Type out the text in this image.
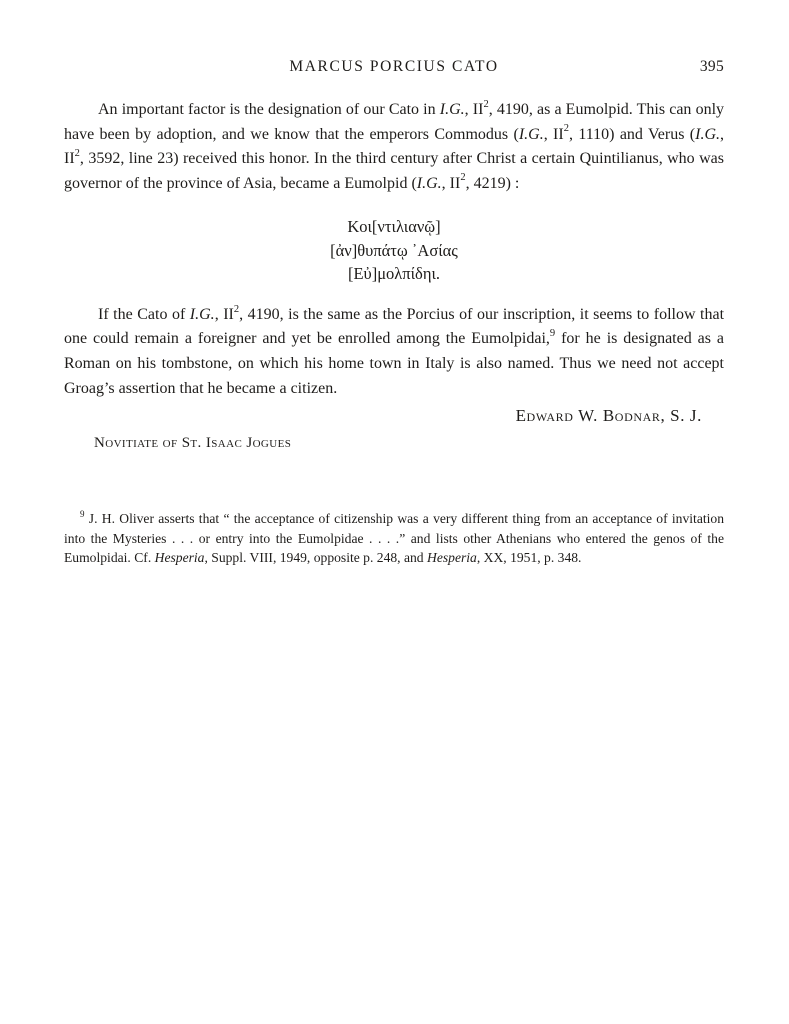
MARCUS PORCIUS CATO	395

An important factor is the designation of our Cato in I.G., $II^2$, 4190, as a Eumolpid. This can only have been by adoption, and we know that the emperors Commodus (I.G., $II^2$, 1110) and Verus (I.G., $II^2$, 3592, line 23) received this honor. In the third century after Christ a certain Quintilianus, who was governor of the province of Asia, became a Eumolpid (I.G., $II^2$, 4219) :

Κοι[ντιλιανῷ]
[ἀν]θυπάτῳ ᾿Ασίας
[Εὐ]μολπίδηι.

If the Cato of I.G., $II^2$, 4190, is the same as the Porcius of our inscription, it seems to follow that one could remain a foreigner and yet be enrolled among the Eumolpidai,$^9$ for he is designated as a Roman on his tombstone, on which his home town in Italy is also named. Thus we need not accept Groag’s assertion that he became a citizen.

Edward W. Bodnar, S. J.
Novitiate of St. Isaac Jogues

$^9$ J. H. Oliver asserts that “ the acceptance of citizenship was a very different thing from an acceptance of invitation into the Mysteries . . . or entry into the Eumolpidae . . . .” and lists other Athenians who entered the genos of the Eumolpidai. Cf. Hesperia, Suppl. VIII, 1949, opposite p. 248, and Hesperia, XX, 1951, p. 348.
